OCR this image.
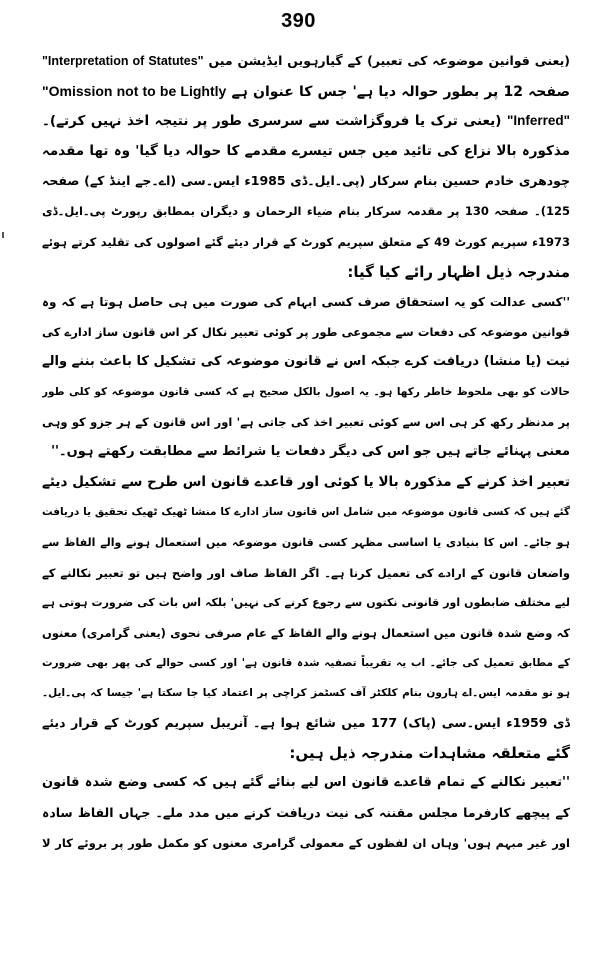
390
(یعنی قوانین موضوعہ کی تعبیر) کے گیارہویں ایڈیشن میں "Interpretation of Statutes"
صفحہ 12 پر بطور حوالہ دیا ہے' جس کا عنوان ہے "Omission not to be Lightly
"Inferred" (یعنی ترک یا فروگزاشت سے سرسری طور پر نتیجہ اخذ نہیں کرتے)۔
مذکورہ بالا نزاع کی تائید میں جس تیسرے مقدمے کا حوالہ دیا گیا' وہ تھا مقدمہ
چودھری خادم حسین بنام سرکار (پی۔ایل۔ڈی 1985ء ایس۔سی (اے۔جے اینڈ کے) صفحہ
125)۔ صفحہ 130 پر مقدمہ سرکار بنام ضیاء الرحمان و دیگران بمطابق رپورٹ پی۔ایل۔ڈی
1973ء سپریم کورٹ 49 کے متعلق سپریم کورٹ کے قرار دیئے گئے اصولوں کی تقلید کرتے ہوئے
مندرجہ ذیل اظہار رائے کیا گیا:
''کسی عدالت کو یہ استحقاق صرف کسی ابہام کی صورت میں ہی حاصل ہوتا ہے کہ وہ
قوانین موضوعہ کی دفعات سے مجموعی طور پر کوئی تعبیر نکال کر اس قانون ساز ادارے کی
نیت (یا منشا) دریافت کرے جبکہ اس نے قانون موضوعہ کی تشکیل کا باعث بننے والے
حالات کو بھی ملحوظ خاطر رکھا ہو۔ یہ اصول بالکل صحیح ہے کہ کسی قانون موضوعہ کو کلی طور
پر مدنظر رکھ کر ہی اس سے کوئی تعبیر اخذ کی جاتی ہے' اور اس قانون کے ہر جزو کو وہی
معنی پہنائے جاتے ہیں جو اس کی دیگر دفعات یا شرائط سے مطابقت رکھتے ہوں۔''
تعبیر اخذ کرنے کے مذکورہ بالا یا کوئی اور قاعدے قانون اس طرح سے تشکیل دیئے
گئے ہیں کہ کسی قانون موضوعہ میں شامل اس قانون ساز ادارے کا منشا ٹھیک ٹھیک تحقیق یا دریافت
ہو جائے۔ اس کا بنیادی یا اساسی مظہر کسی قانون موضوعہ میں استعمال ہونے والے الفاظ سے
واضعان قانون کے ارادے کی تعمیل کرنا ہے۔ اگر الفاظ صاف اور واضح ہیں تو تعبیر نکالنے کے
لیے مختلف ضابطوں اور قانونی نکتوں سے رجوع کرنے کی نہیں' بلکہ اس بات کی ضرورت ہوتی ہے
کہ وضع شدہ قانون میں استعمال ہونے والے الفاظ کے عام صرفی نحوی (یعنی گرامری) معنوں
کے مطابق تعمیل کی جائے۔ اب یہ تقریباً تصفیہ شدہ قانون ہے' اور کسی حوالے کی پھر بھی ضرورت
ہو تو مقدمہ ایس۔اے ہارون بنام کلکٹر آف کسٹمز کراچی پر اعتماد کیا جا سکتا ہے' جیسا کہ پی۔ایل۔
ڈی 1959ء ایس۔سی (پاک) 177 میں شائع ہوا ہے۔ آنریبل سپریم کورٹ کے قرار دیئے
گئے متعلقہ مشاہدات مندرجہ ذیل ہیں:
''تعبیر نکالنے کے تمام قاعدے قانون اس لیے بنائے گئے ہیں کہ کسی وضع شدہ قانون
کے پیچھے کارفرما مجلس مقننہ کی نیت دریافت کرنے میں مدد ملے۔ جہاں الفاظ سادہ
اور غیر مبہم ہوں' وہاں ان لفظوں کے معمولی گرامری معنوں کو مکمل طور پر بروئے کار لا
